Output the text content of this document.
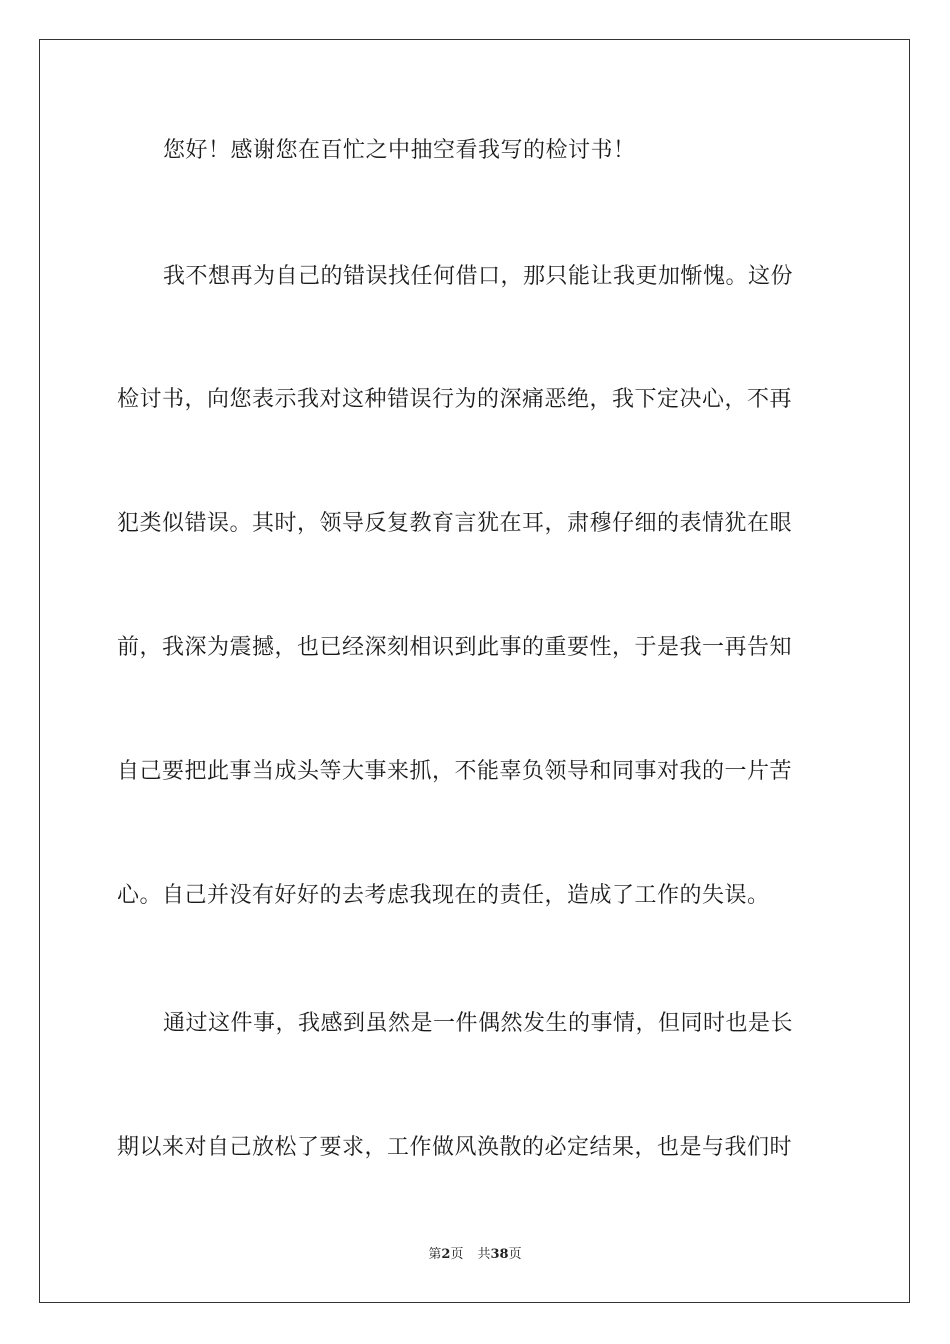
您好！感谢您在百忙之中抽空看我写的检讨书！
我不想再为自己的错误找任何借口，那只能让我更加惭愧。这份
检讨书，向您表示我对这种错误行为的深痛恶绝，我下定决心，不再
犯类似错误。其时，领导反复教育言犹在耳，肃穆仔细的表情犹在眼
前，我深为震撼，也已经深刻相识到此事的重要性，于是我一再告知
自己要把此事当成头等大事来抓，不能辜负领导和同事对我的一片苦
心。自己并没有好好的去考虑我现在的责任，造成了工作的失误。
通过这件事，我感到虽然是一件偶然发生的事情，但同时也是长
期以来对自己放松了要求，工作做风涣散的必定结果，也是与我们时
第2页 共38页
